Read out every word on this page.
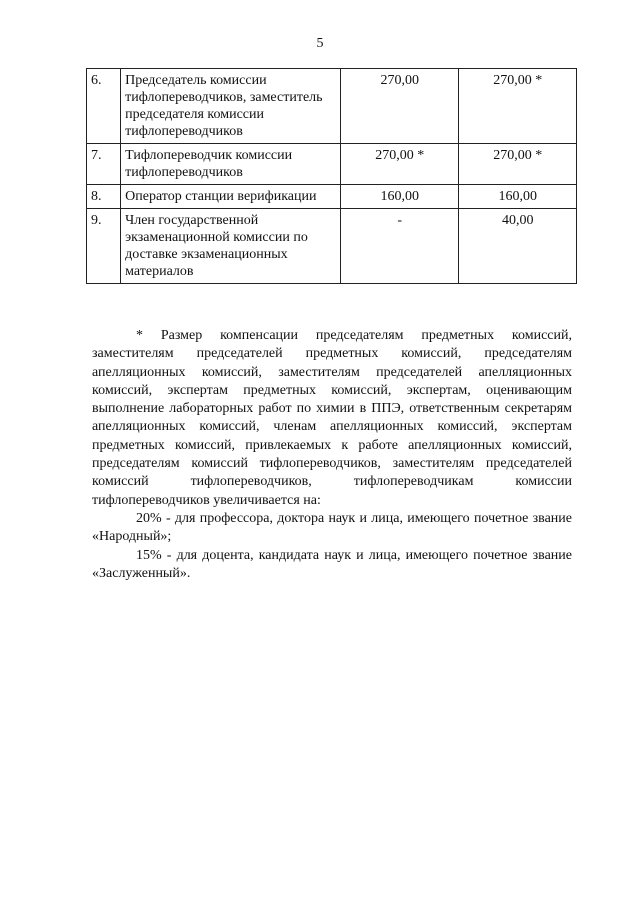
5
6.	Председатель комиссии тифлопереводчиков, заместитель председателя комиссии тифлопереводчиков	270,00	270,00 *
7.	Тифлопереводчик комиссии тифлопереводчиков	270,00 *	270,00 *
8.	Оператор станции верификации	160,00	160,00
9.	Член государственной экзаменационной комиссии по доставке экзаменационных материалов	-	40,00

* Размер компенсации председателям предметных комиссий, заместителям председателей предметных комиссий, председателям апелляционных комиссий, заместителям председателей апелляционных комиссий, экспертам предметных комиссий, экспертам, оценивающим выполнение лабораторных работ по химии в ППЭ, ответственным секретарям апелляционных комиссий, членам апелляционных комиссий, экспертам предметных комиссий, привлекаемых к работе апелляционных комиссий, председателям комиссий тифлопереводчиков, заместителям председателей комиссий тифлопереводчиков, тифлопереводчикам комиссии тифлопереводчиков увеличивается на:

20% - для профессора, доктора наук и лица, имеющего почетное звание «Народный»;

15% - для доцента, кандидата наук и лица, имеющего почетное звание «Заслуженный».
